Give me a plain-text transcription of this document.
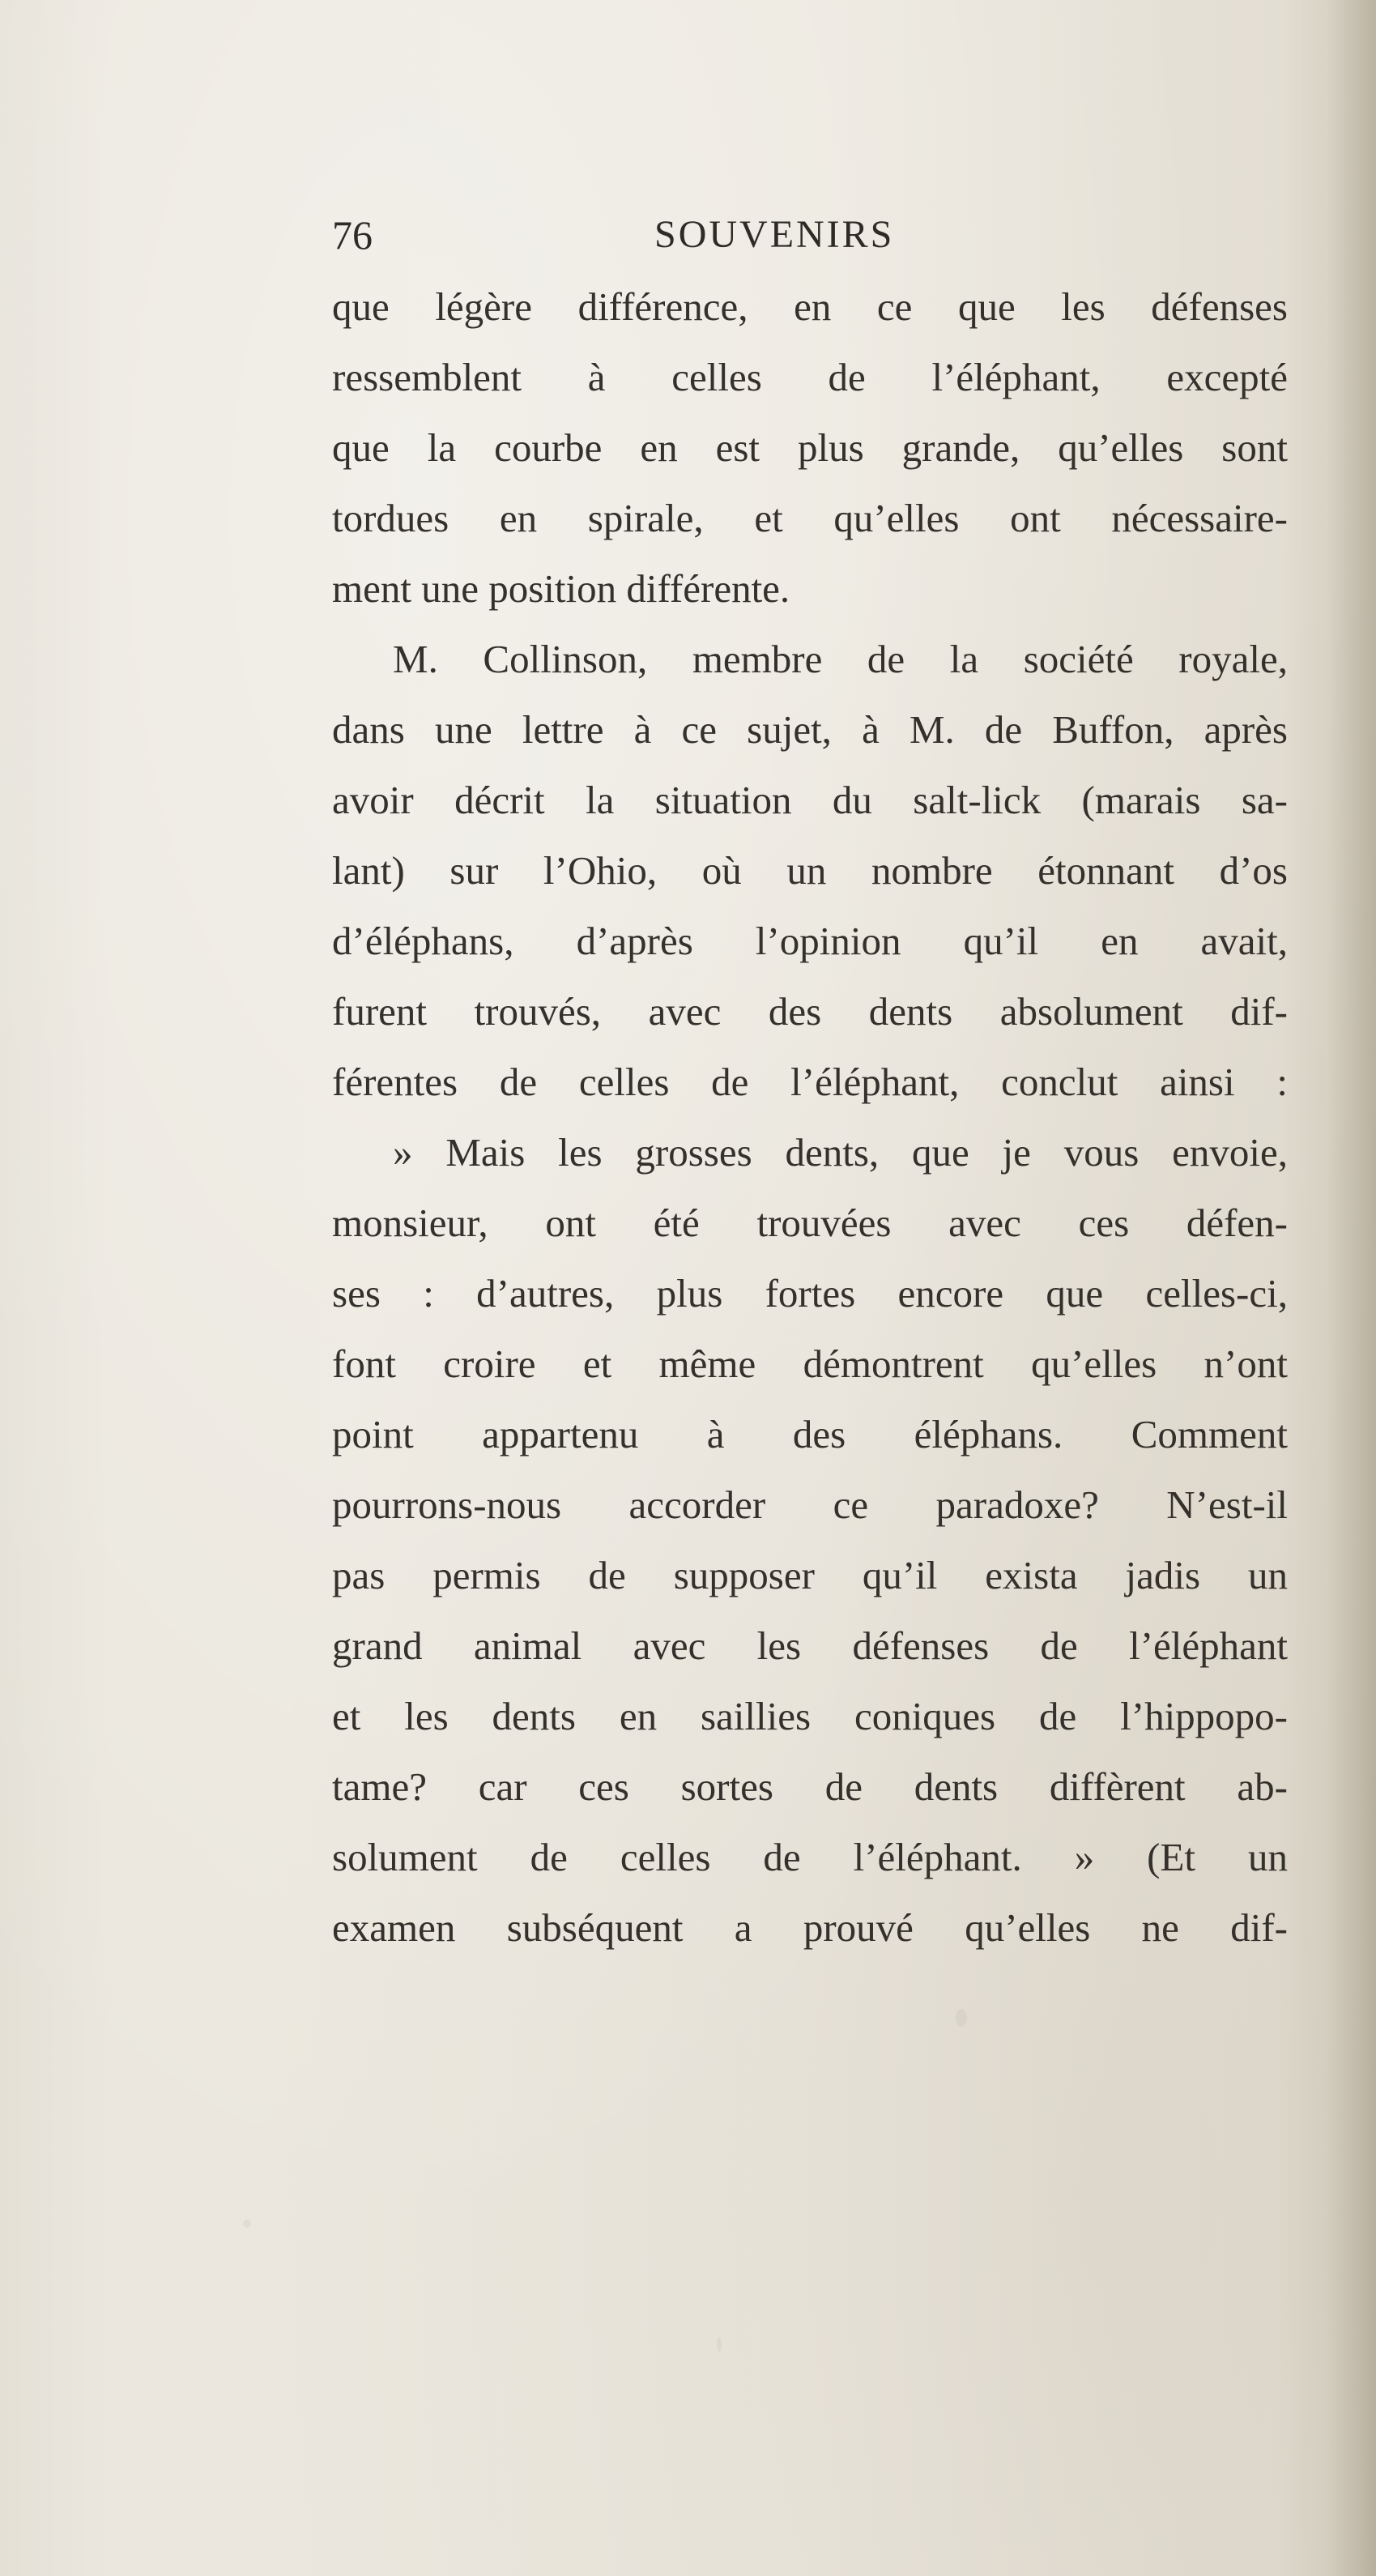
76	SOUVENIRS
que légère différence, en ce que les défenses
ressemblent à celles de l’éléphant, excepté
que la courbe en est plus grande, qu’elles sont
tordues en spirale, et qu’elles ont nécessaire-
ment une position différente.
M. Collinson, membre de la société royale,
dans une lettre à ce sujet, à M. de Buffon, après
avoir décrit la situation du salt-lick (marais sa-
lant) sur l’Ohio, où un nombre étonnant d’os
d’éléphans, d’après l’opinion qu’il en avait,
furent trouvés, avec des dents absolument dif-
férentes de celles de l’éléphant, conclut ainsi :
» Mais les grosses dents, que je vous envoie,
monsieur, ont été trouvées avec ces défen-
ses : d’autres, plus fortes encore que celles-ci,
font croire et même démontrent qu’elles n’ont
point appartenu à des éléphans. Comment
pourrons-nous accorder ce paradoxe? N’est-il
pas permis de supposer qu’il exista jadis un
grand animal avec les défenses de l’éléphant
et les dents en saillies coniques de l’hippopo-
tame? car ces sortes de dents diffèrent ab-
solument de celles de l’éléphant. » (Et un
examen subséquent a prouvé qu’elles ne dif-
